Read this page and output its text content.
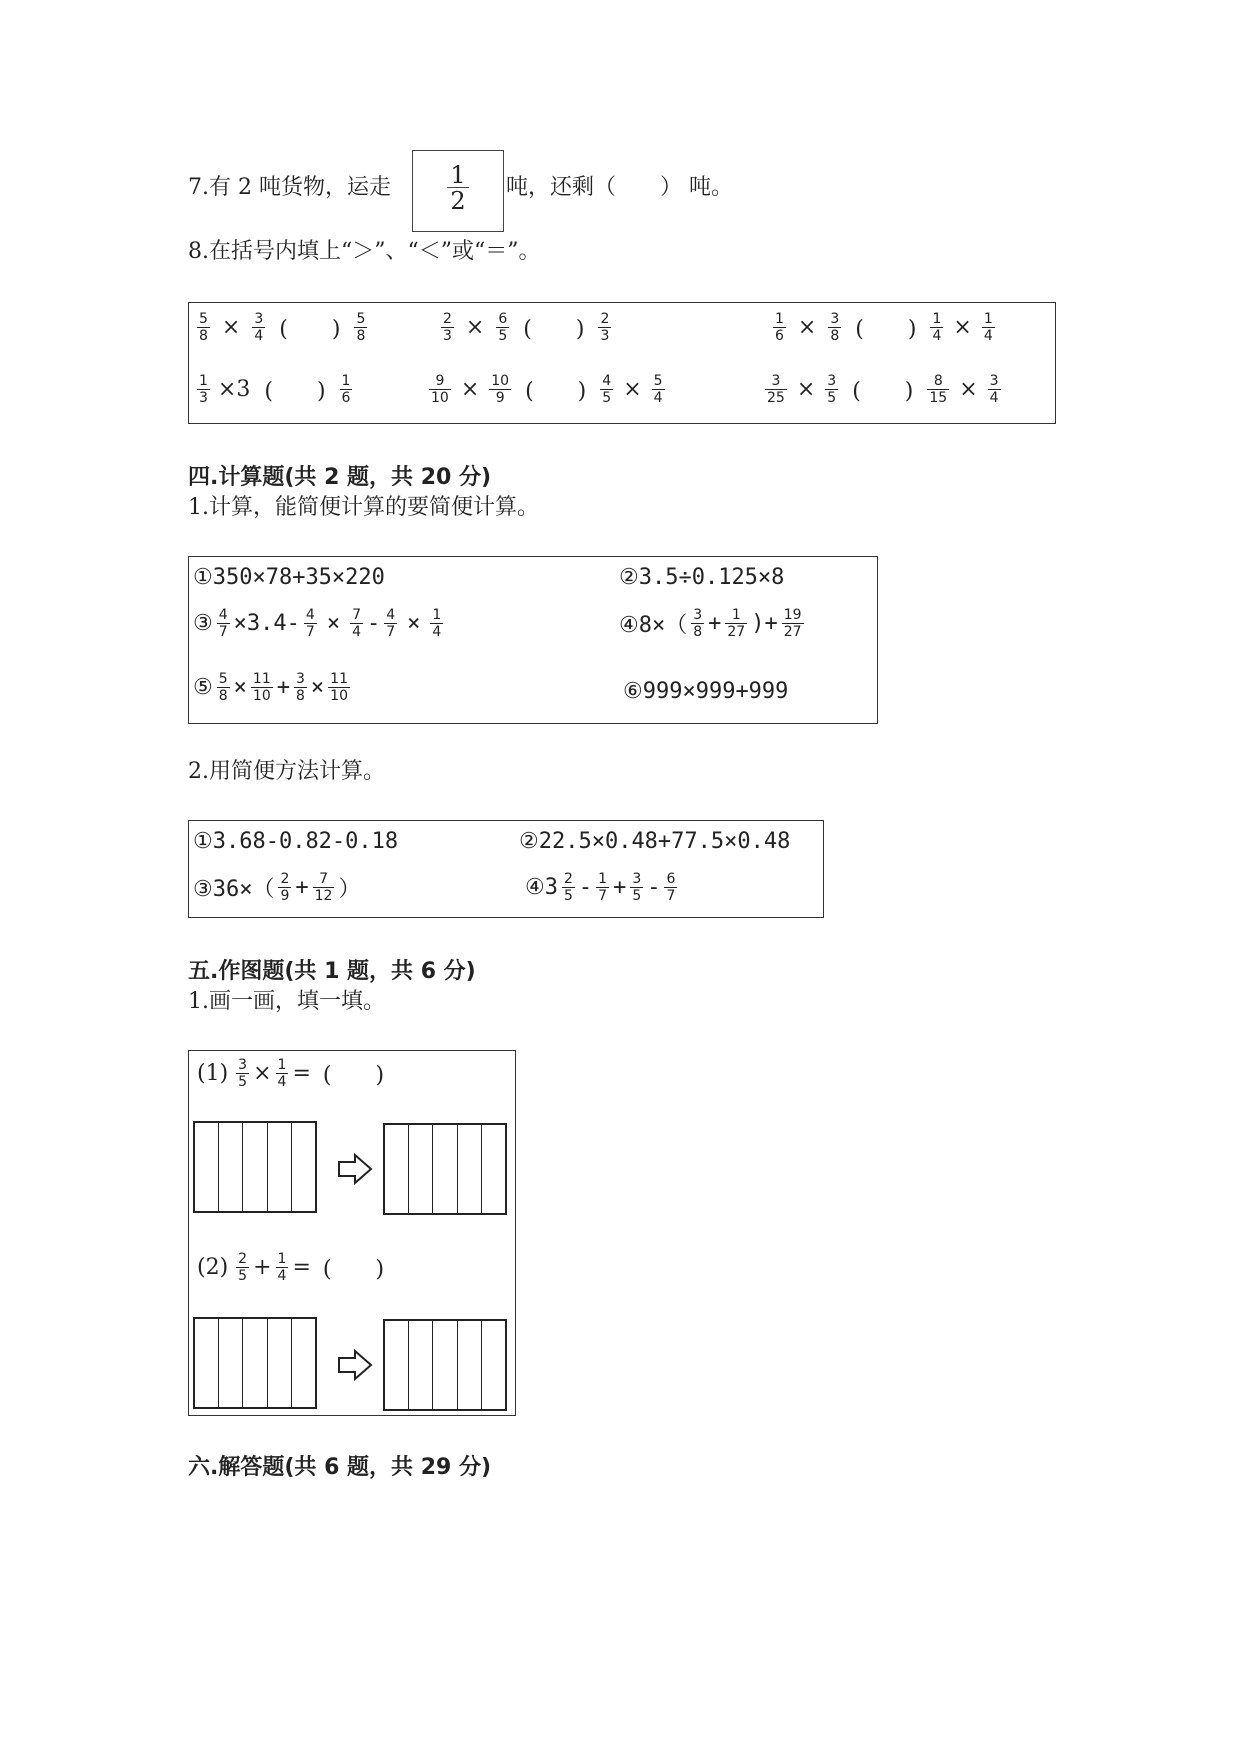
7.有 2 吨货物，运走	1
2	吨，还剩（　　） 吨。
8.在括号内填上“＞”、“＜”或“＝”。
$\frac{5}{8} \times \frac{3}{4}$ (　　) $\frac{5}{8}$	$\frac{2}{3} \times \frac{6}{5}$ (　　) $\frac{2}{3}$	$\frac{1}{6} \times \frac{3}{8}$ (　　) $\frac{1}{4} \times \frac{1}{4}$
$\frac{1}{3} \times 3$ (　　) $\frac{1}{6}$	$\frac{9}{10} \times \frac{10}{9}$ (　　) $\frac{4}{5} \times \frac{5}{4}$	$\frac{3}{25} \times \frac{3}{5}$ (　　) $\frac{8}{15} \times \frac{3}{4}$
四.计算题(共 2 题，共 20 分)
1.计算，能简便计算的要简便计算。
①350×78+35×220	②3.5÷0.125×8
③ $\frac{4}{7} \times 3.4- \frac{4}{7} \times \frac{7}{4} - \frac{4}{7} \times \frac{1}{4}$	④8×（ $\frac{3}{8} + \frac{1}{27}$ )+ $\frac{19}{27}$
⑤ $\frac{5}{8} \times \frac{11}{10} + \frac{3}{8} \times \frac{11}{10}$	⑥999×999+999
2.用简便方法计算。
①3.68-0.82-0.18	②22.5×0.48+77.5×0.48
③36×（ $\frac{2}{9} + \frac{7}{12}$ ）	④3 $\frac{2}{5} - \frac{1}{7} + \frac{3}{5} - \frac{6}{7}$
五.作图题(共 1 题，共 6 分)
1.画一画，填一填。
$(1) \frac{3}{5} \times \frac{1}{4}$ = (　　)
$(2) \frac{2}{5} + \frac{1}{4}$ = (　　)
六.解答题(共 6 题，共 29 分)
